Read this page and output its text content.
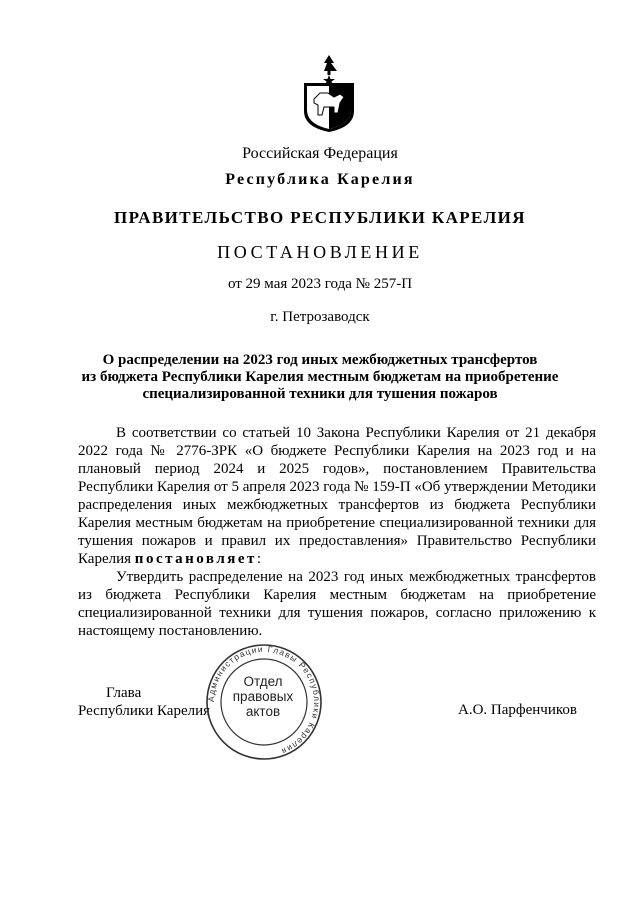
Российская Федерация
Республика Карелия
ПРАВИТЕЛЬСТВО РЕСПУБЛИКИ КАРЕЛИЯ
ПОСТАНОВЛЕНИЕ
от 29 мая 2023 года № 257-П
г. Петрозаводск
О распределении на 2023 год иных межбюджетных трансфертов
из бюджета Республики Карелия местным бюджетам на приобретение
специализированной техники для тушения пожаров

В соответствии со статьей 10 Закона Республики Карелия от 21 декабря 2022 года № 2776-ЗРК «О бюджете Республики Карелия на 2023 год и на плановый период 2024 и 2025 годов», постановлением Правительства Республики Карелия от 5 апреля 2023 года № 159-П «Об утверждении Методики распределения иных межбюджетных трансфертов из бюджета Республики Карелия местным бюджетам на приобретение специализированной техники для тушения пожаров и правил их предоставления» Правительство Республики Карелия постановляет:

Утвердить распределение на 2023 год иных межбюджетных трансфертов из бюджета Республики Карелия местным бюджетам на приобретение специализированной техники для тушения пожаров, согласно приложению к настоящему постановлению.

Глава
Республики Карелия	А.О. Парфенчиков
Администрации Главы Республики Карелия
Отдел
правовых
актов
